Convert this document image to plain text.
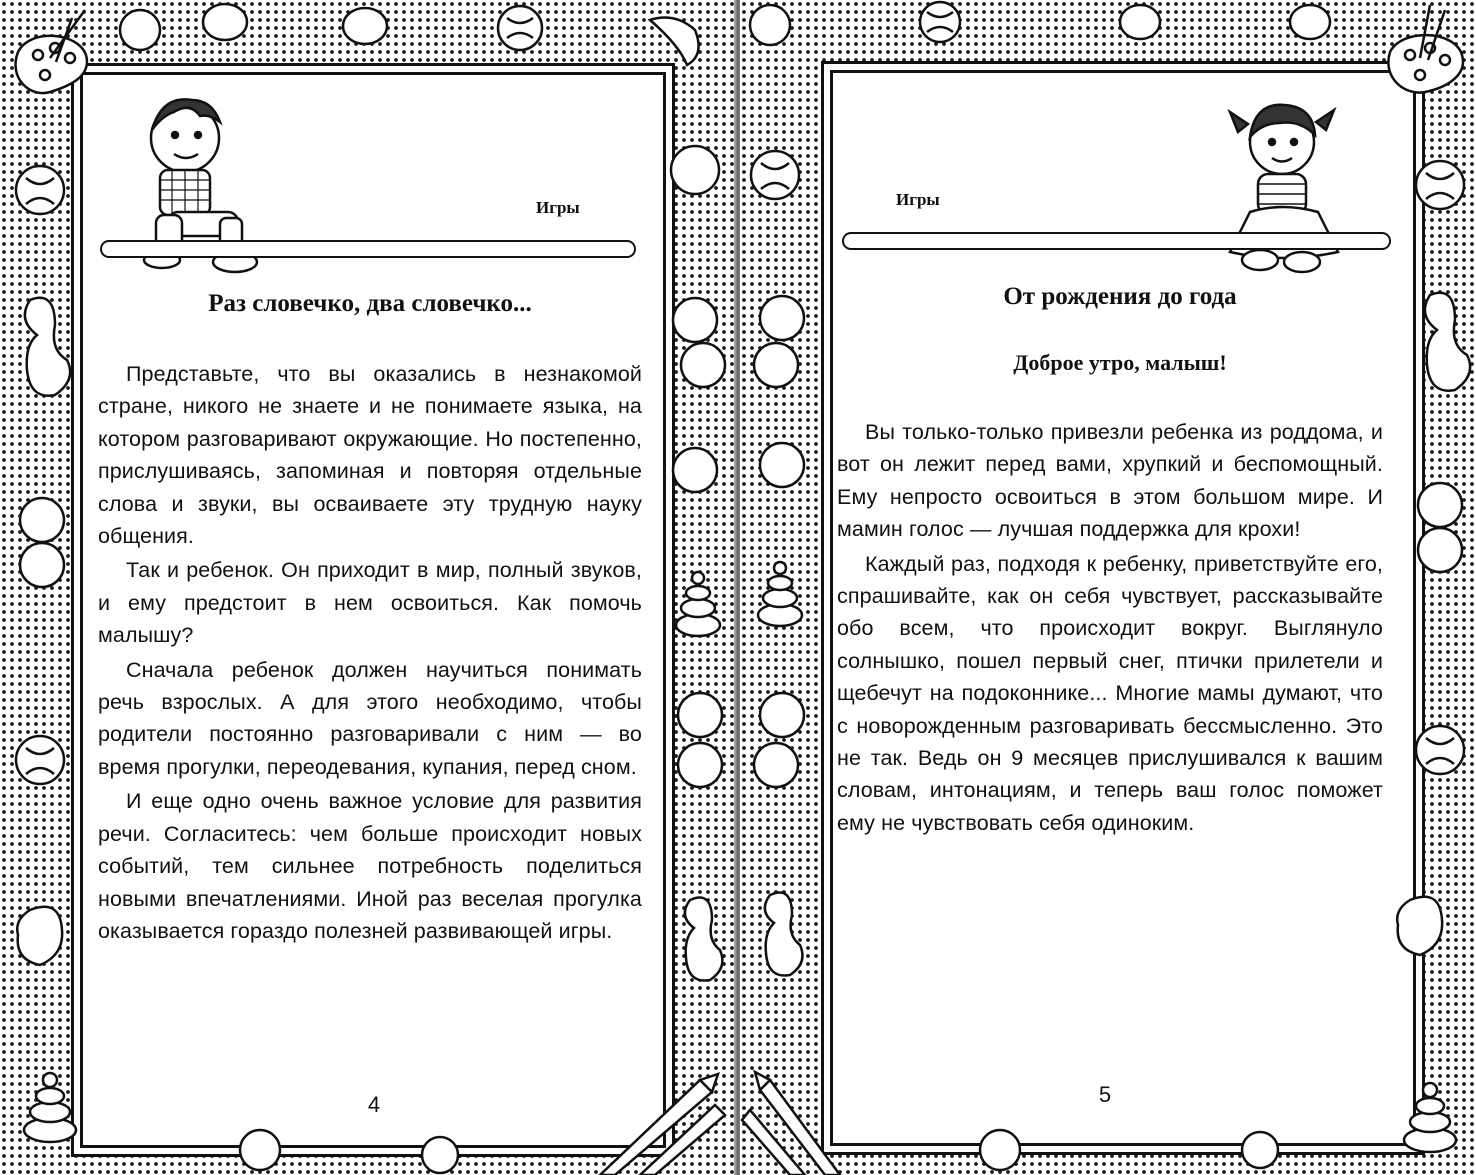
Игры
Раз словечко, два словечко...

Представьте, что вы оказались в незнакомой стране, никого не знаете и не понимаете языка, на котором разговаривают окружающие. Но постепенно, прислушиваясь, запоминая и повторяя отдельные слова и звуки, вы осваиваете эту трудную науку общения.

Так и ребенок. Он приходит в мир, полный звуков, и ему предстоит в нем освоиться. Как помочь малышу?

Сначала ребенок должен научиться понимать речь взрослых. А для этого необходимо, чтобы родители постоянно разговаривали с ним — во время прогулки, переодевания, купания, перед сном.

И еще одно очень важное условие для развития речи. Согласитесь: чем больше происходит новых событий, тем сильнее потребность поделиться новыми впечатлениями. Иной раз веселая прогулка оказывается гораздо полезней развивающей игры.

4
Игры
От рождения до года
Доброе утро, малыш!

Вы только-только привезли ребенка из роддома, и вот он лежит перед вами, хрупкий и беспомощный. Ему непросто освоиться в этом большом мире. И мамин голос — лучшая поддержка для крохи!

Каждый раз, подходя к ребенку, приветствуйте его, спрашивайте, как он себя чувствует, рассказывайте обо всем, что происходит вокруг. Выглянуло солнышко, пошел первый снег, птички прилетели и щебечут на подоконнике... Многие мамы думают, что с новорожденным разговаривать бессмысленно. Это не так. Ведь он 9 месяцев прислушивался к вашим словам, интонациям, и теперь ваш голос поможет ему не чувствовать себя одиноким.

5
